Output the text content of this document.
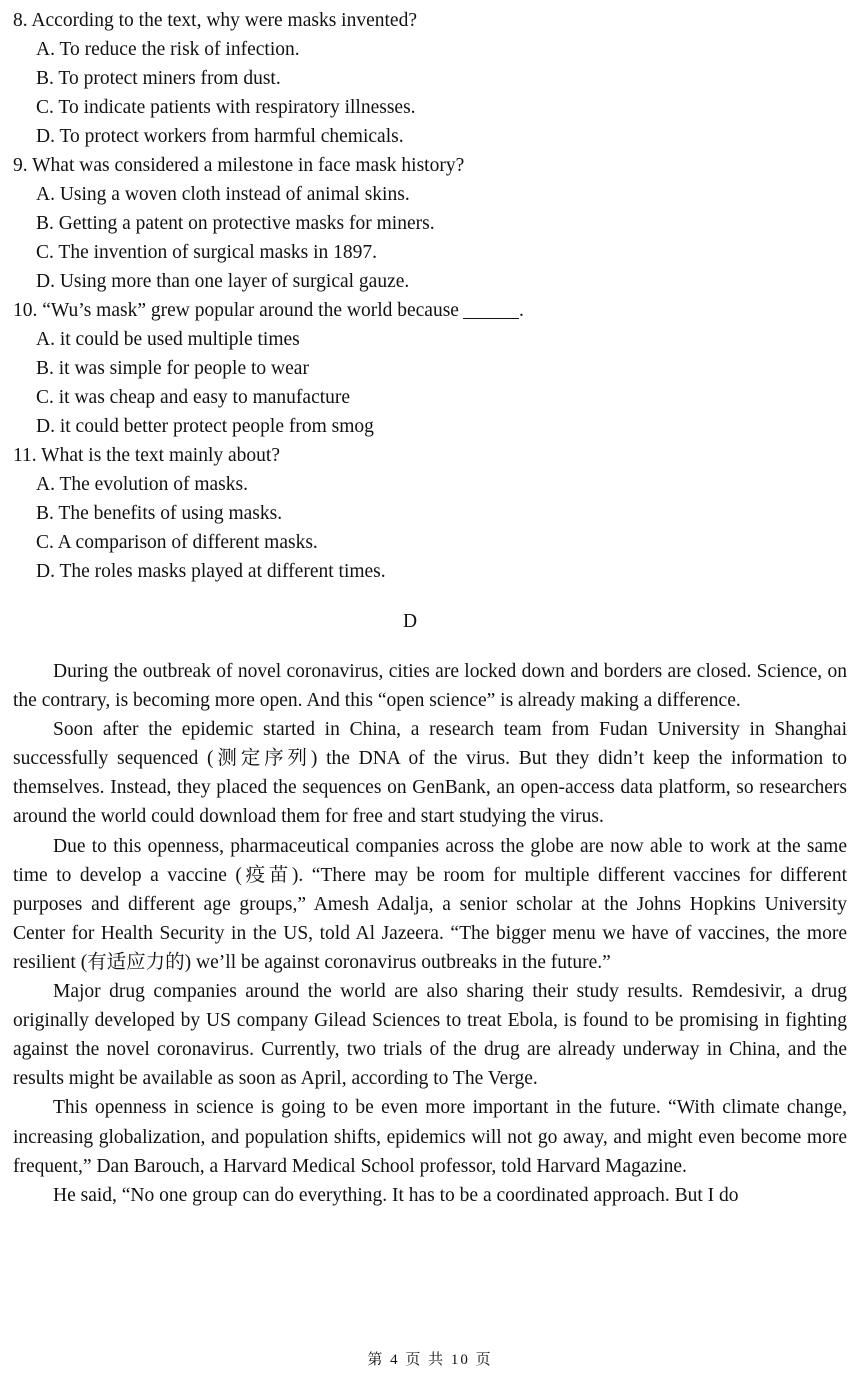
8. According to the text, why were masks invented?
A. To reduce the risk of infection.
B. To protect miners from dust.
C. To indicate patients with respiratory illnesses.
D. To protect workers from harmful chemicals.
9. What was considered a milestone in face mask history?
A. Using a woven cloth instead of animal skins.
B. Getting a patent on protective masks for miners.
C. The invention of surgical masks in 1897.
D. Using more than one layer of surgical gauze.
10. “Wu’s mask” grew popular around the world because	.
A. it could be used multiple times
B. it was simple for people to wear
C. it was cheap and easy to manufacture
D. it could better protect people from smog
11. What is the text mainly about?
A. The evolution of masks.
B. The benefits of using masks.
C. A comparison of different masks.
D. The roles masks played at different times.
D

During the outbreak of novel coronavirus, cities are locked down and borders are closed. Science, on the contrary, is becoming more open. And this “open science” is already making a difference.

Soon after the epidemic started in China, a research team from Fudan University in Shanghai successfully sequenced (测定序列) the DNA of the virus. But they didn’t keep the information to themselves. Instead, they placed the sequences on GenBank, an open-access data platform, so researchers around the world could download them for free and start studying the virus.

Due to this openness, pharmaceutical companies across the globe are now able to work at the same time to develop a vaccine (疫苗). “There may be room for multiple different vaccines for different purposes and different age groups,” Amesh Adalja, a senior scholar at the Johns Hopkins University Center for Health Security in the US, told Al Jazeera. “The bigger menu we have of vaccines, the more resilient (有适应力的) we’ll be against coronavirus outbreaks in the future.”

Major drug companies around the world are also sharing their study results. Remdesivir, a drug originally developed by US company Gilead Sciences to treat Ebola, is found to be promising in fighting against the novel coronavirus. Currently, two trials of the drug are already underway in China, and the results might be available as soon as April, according to The Verge.

This openness in science is going to be even more important in the future. “With climate change, increasing globalization, and population shifts, epidemics will not go away, and might even become more frequent,” Dan Barouch, a Harvard Medical School professor, told Harvard Magazine.

He said, “No one group can do everything. It has to be a coordinated approach. But I do

第 4 页 共 10 页
